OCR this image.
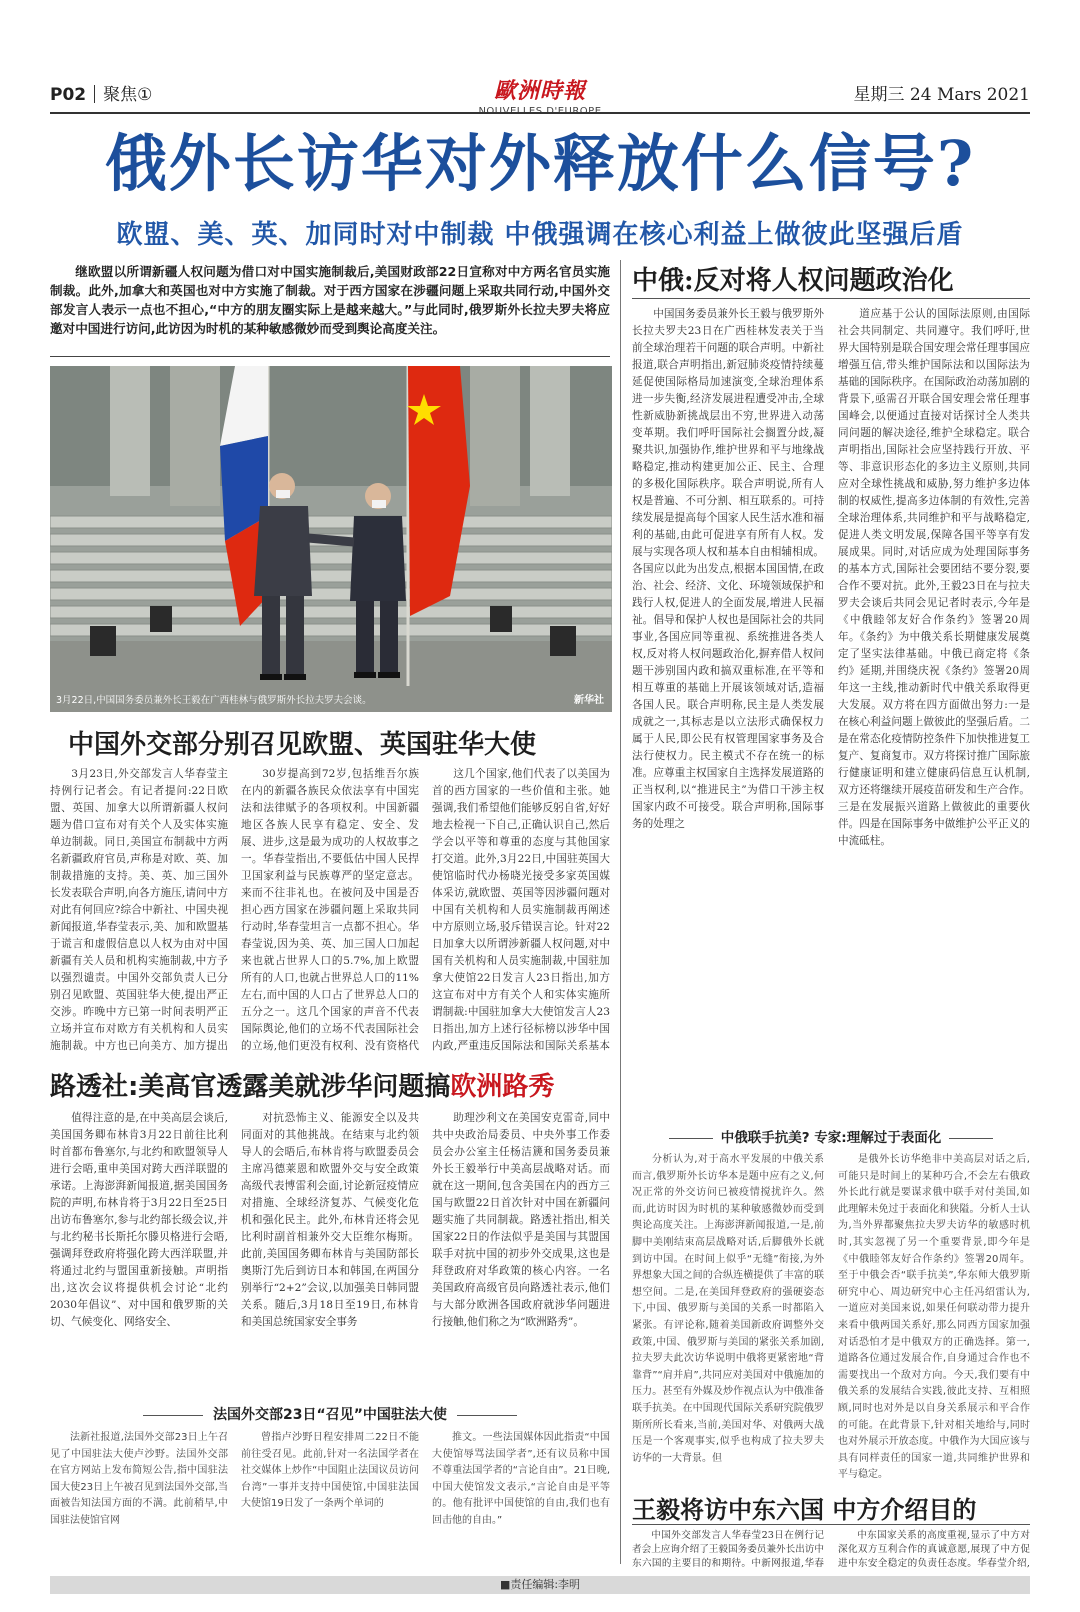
P02 聚焦①	歐洲時報	星期三 24 Mars 2021
俄外长访华对外释放什么信号?
欧盟、美、英、加同时对中制裁 中俄强调在核心利益上做彼此坚强后盾
继欧盟以所谓新疆人权问题为借口对中国实施制裁后,美国财政部22日宣称对中方两名官员实施制裁。此外,加拿大和英国也对中方实施了制裁。对于西方国家在涉疆问题上采取共同行动,中国外交部发言人表示一点也不担心,“中方的朋友圈实际上是越来越大。”与此同时,俄罗斯外长拉夫罗夫将应邀对中国进行访问,此访因为时机的某种敏感微妙而受到舆论高度关注。
3月22日,中国国务委员兼外长王毅在广西桂林与俄罗斯外长拉夫罗夫会谈。	新华社
中俄:反对将人权问题政治化
中国国务委员兼外长王毅与俄罗斯外长拉夫罗夫23日在广西桂林发表关于当前全球治理若干问题的联合声明。中新社报道,联合声明指出,新冠肺炎疫情持续蔓延促使国际格局加速演变,全球治理体系进一步失衡,经济发展进程遭受冲击,全球性新威胁新挑战层出不穷,世界进入动荡变革期。我们呼吁国际社会搁置分歧,凝聚共识,加强协作,维护世界和平与地缘战略稳定,推动构建更加公正、民主、合理的多极化国际秩序。联合声明说,所有人权是普遍、不可分割、相互联系的。可持续发展是提高每个国家人民生活水准和福利的基础,由此可促进享有所有人权。发展与实现各项人权和基本自由相辅相成。各国应以此为出发点,根据本国国情,在政治、社会、经济、文化、环境领域保护和践行人权,促进人的全面发展,增进人民福祉。倡导和保护人权也是国际社会的共同事业,各国应同等重视、系统推进各类人权,反对将人权问题政治化,摒弃借人权问题干涉别国内政和搞双重标准,在平等和相互尊重的基础上开展该领域对话,造福各国人民。联合声明称,民主是人类发展成就之一,其标志是以立法形式确保权力属于人民,即公民有权管理国家事务及合法行使权力。民主模式不存在统一的标准。应尊重主权国家自主选择发展道路的正当权利,以“推进民主”为借口干涉主权国家内政不可接受。联合声明称,国际事务的处理之
道应基于公认的国际法原则,由国际社会共同制定、共同遵守。我们呼吁,世界大国特别是联合国安理会常任理事国应增强互信,带头维护国际法和以国际法为基础的国际秩序。在国际政治动荡加剧的背景下,亟需召开联合国安理会常任理事国峰会,以便通过直接对话探讨全人类共同问题的解决途径,维护全球稳定。联合声明指出,国际社会应坚持践行开放、平等、非意识形态化的多边主义原则,共同应对全球性挑战和威胁,努力维护多边体制的权威性,提高多边体制的有效性,完善全球治理体系,共同维护和平与战略稳定,促进人类文明发展,保障各国平等享有发展成果。同时,对话应成为处理国际事务的基本方式,国际社会要团结不要分裂,要合作不要对抗。此外,王毅23日在与拉夫罗夫会谈后共同会见记者时表示,今年是《中俄睦邻友好合作条约》签署20周年。《条约》为中俄关系长期健康发展奠定了坚实法律基础。中俄已商定将《条约》延期,并围绕庆祝《条约》签署20周年这一主线,推动新时代中俄关系取得更大发展。双方将在四方面做出努力:一是在核心利益问题上做彼此的坚强后盾。二是在常态化疫情防控条件下加快推进复工复产、复商复市。双方将探讨推广国际旅行健康证明和建立健康码信息互认机制,双方还将继续开展疫苗研发和生产合作。三是在发展振兴道路上做彼此的重要伙伴。四是在国际事务中做维护公平正义的中流砥柱。
中国外交部分别召见欧盟、英国驻华大使
3月23日,外交部发言人华春莹主持例行记者会。有记者提问:22日欧盟、英国、加拿大以所谓新疆人权问题为借口宣布对有关个人及实体实施单边制裁。同日,美国宣布制裁中方两名新疆政府官员,声称是对欧、英、加制裁措施的支持。美、英、加三国外长发表联合声明,向各方施压,请问中方对此有何回应?综合中新社、中国央视新闻报道,华春莹表示,美、加和欧盟基于谎言和虚假信息以人权为由对中国新疆有关人员和机构实施制裁,中方予以强烈谴责。中国外交部负责人已分别召见欧盟、英国驻华大使,提出严正交涉。昨晚中方已第一时间表明严正立场并宣布对欧方有关机构和人员实施制裁。中方也已向美方、加方提出
30岁提高到72岁,包括维吾尔族在内的新疆各族民众依法享有中国宪法和法律赋予的各项权利。中国新疆地区各族人民享有稳定、安全、发展、进步,这是最为成功的人权故事之一。华春莹指出,不要低估中国人民捍卫国家利益与民族尊严的坚定意志。来而不往非礼也。在被问及中国是否担心西方国家在涉疆问题上采取共同行动时,华春莹坦言一点都不担心。华春莹说,因为美、英、加三国人口加起来也就占世界人口的5.7%,加上欧盟所有的人口,也就占世界总人口的11%左右,而中国的人口占了世界总人口的五分之一。这几个国家的声音不代表国际舆论,他们的立场不代表国际社会的立场,他们更没有权利、没有资格代
这几个国家,他们代表了以美国为首的西方国家的一些价值和主张。她强调,我们希望他们能够反躬自省,好好地去检视一下自己,正确认识自己,然后学会以平等和尊重的态度与其他国家打交道。此外,3月22日,中国驻英国大使馆临时代办杨晓光接受多家英国媒体采访,就欧盟、英国等因涉疆问题对中国有关机构和人员实施制裁再阐述中方原则立场,驳斥错误言论。针对22日加拿大以所谓涉新疆人权问题,对中国有关机构和人员实施制裁,中国驻加拿大使馆22日发言人23日指出,加方这宣布对中方有关个人和实体实施所谓制裁:中国驻加拿大大使馆发言人23日指出,加方上述行径标榜以涉华中国内政,严重违反国际法和国际关系基本
路透社:美高官透露美就涉华问题搞欧洲路秀
值得注意的是,在中美高层会谈后,美国国务卿布林肯3月22日前往比利时首都布鲁塞尔,与北约和欧盟领导人进行会晤,重申美国对跨大西洋联盟的承诺。上海澎湃新闻报道,据美国国务院的声明,布林肯将于3月22日至25日出访布鲁塞尔,参与北约部长级会议,并与北约秘书长斯托尔滕贝格进行会晤,强调拜登政府将强化跨大西洋联盟,并将通过北约与盟国重新接触。声明指出,这次会议将提供机会讨论“北约2030年倡议”、对中国和俄罗斯的关切、气候变化、网络安全、
对抗恐怖主义、能源安全以及共同面对的其他挑战。在结束与北约领导人的会晤后,布林肯将与欧盟委员会主席冯德莱恩和欧盟外交与安全政策高级代表博雷利会面,讨论新冠疫情应对措施、全球经济复苏、气候变化危机和强化民主。此外,布林肯还将会见比利时副首相兼外交大臣维尔梅斯。此前,美国国务卿布林肯与美国防部长奥斯汀先后到访日本和韩国,在两国分别举行“2+2”会议,以加强美日韩同盟关系。随后,3月18日至19日,布林肯和美国总统国家安全事务
助理沙利文在美国安克雷奇,同中共中央政治局委员、中央外事工作委员会办公室主任杨洁篪和国务委员兼外长王毅举行中美高层战略对话。而就在这一期间,包含美国在内的西方三国与欧盟22日首次针对中国在新疆问题实施了共同制裁。路透社指出,相关国家22日的作法似乎是美国与其盟国联手对抗中国的初步外交成果,这也是拜登政府对华政策的核心内容。一名美国政府高级官员向路透社表示,他们与大部分欧洲各国政府就涉华问题进行接触,他们称之为“欧洲路秀”。
法国外交部23日“召见”中国驻法大使
法新社报道,法国外交部23日上午召见了中国驻法大使卢沙野。法国外交部在官方网站上发布简短公告,指中国驻法国大使23日上午被召见到法国外交部,当面被告知法国方面的不满。此前稍早,中国驻法使馆官网
曾指卢沙野日程安排周二22日不能前往受召见。此前,针对一名法国学者在社交媒体上炒作“中国阻止法国议员访问台湾”一事并支持中国使馆,中国驻法国大使馆19日发了一条两个单词的
推文。一些法国媒体因此指责“中国大使馆辱骂法国学者”,还有议员称中国不尊重法国学者的“言论自由”。21日晚,中国大使馆发文表示,“言论自由是平等的。他有批评中国使馆的自由,我们也有回击他的自由。”
中俄联手抗美? 专家:理解过于表面化
分析认为,对于高水平发展的中俄关系而言,俄罗斯外长访华本是题中应有之义,何况正常的外交访问已被疫情搅扰许久。然而,此访时因为时机的某种敏感微妙而受到舆论高度关注。上海澎湃新闻报道,一是,前脚中美刚结束高层战略对话,后脚俄外长就到访中国。在时间上似乎“无缝”衔接,为外界想象大国之间的合纵连横提供了丰富的联想空间。二是,在美国拜登政府的强硬姿态下,中国、俄罗斯与美国的关系一时都陷入紧张。有评论称,随着美国新政府调整外交政策,中国、俄罗斯与美国的紧张关系加剧,拉夫罗夫此次访华说明中俄将更紧密地“背靠背”“肩并肩”,共同应对美国对中俄施加的压力。甚至有外媒及炒作视点认为中俄准备联手抗美。在中国现代国际关系研究院俄罗斯所所长看来,当前,美国对华、对俄两大战压是一个客观事实,似乎也构成了拉夫罗夫访华的一大背景。但
是俄外长访华绝非中美高层对话之后,可能只是时间上的某种巧合,不会左右俄政外长此行就是要谋求俄中联手对付美国,如此理解未免过于表面化和狭隘。分析人士认为,当外界都聚焦拉夫罗夫访华的敏感时机时,其实忽视了另一个重要背景,即今年是《中俄睦邻友好合作条约》签署20周年。至于中俄会否“联手抗美”,华东师大俄罗斯研究中心、周边研究中心主任冯绍雷认为,一道应对美国来说,如果任何联动带力提升来看中俄两国关系好,那么同西方国家加强对话恐怕才是中俄双方的正确选择。第一,道路各位通过发展合作,自身通过合作也不需要找出一个敌对方向。今天,我们要有中俄关系的发展结合实践,彼此支持、互相照顾,同时也对外是以自身关系展示和平合作的可能。在此背景下,针对相关地给与,同时也对外展示开放态度。中俄作为大国应该与具有同样责任的国家一道,共同维护世界和平与稳定。
王毅将访中东六国 中方介绍目的
中国外交部发言人华春莹23日在例行记者会上应询介绍了王毅国务委员兼外长出访中东六国的主要目的和期待。中新网报道,华春
中东国家关系的高度重视,显示了中方对深化双方互利合作的真诚意愿,展现了中方促进中东安全稳定的负责任态度。华春莹介绍,
■责任编辑:李明
